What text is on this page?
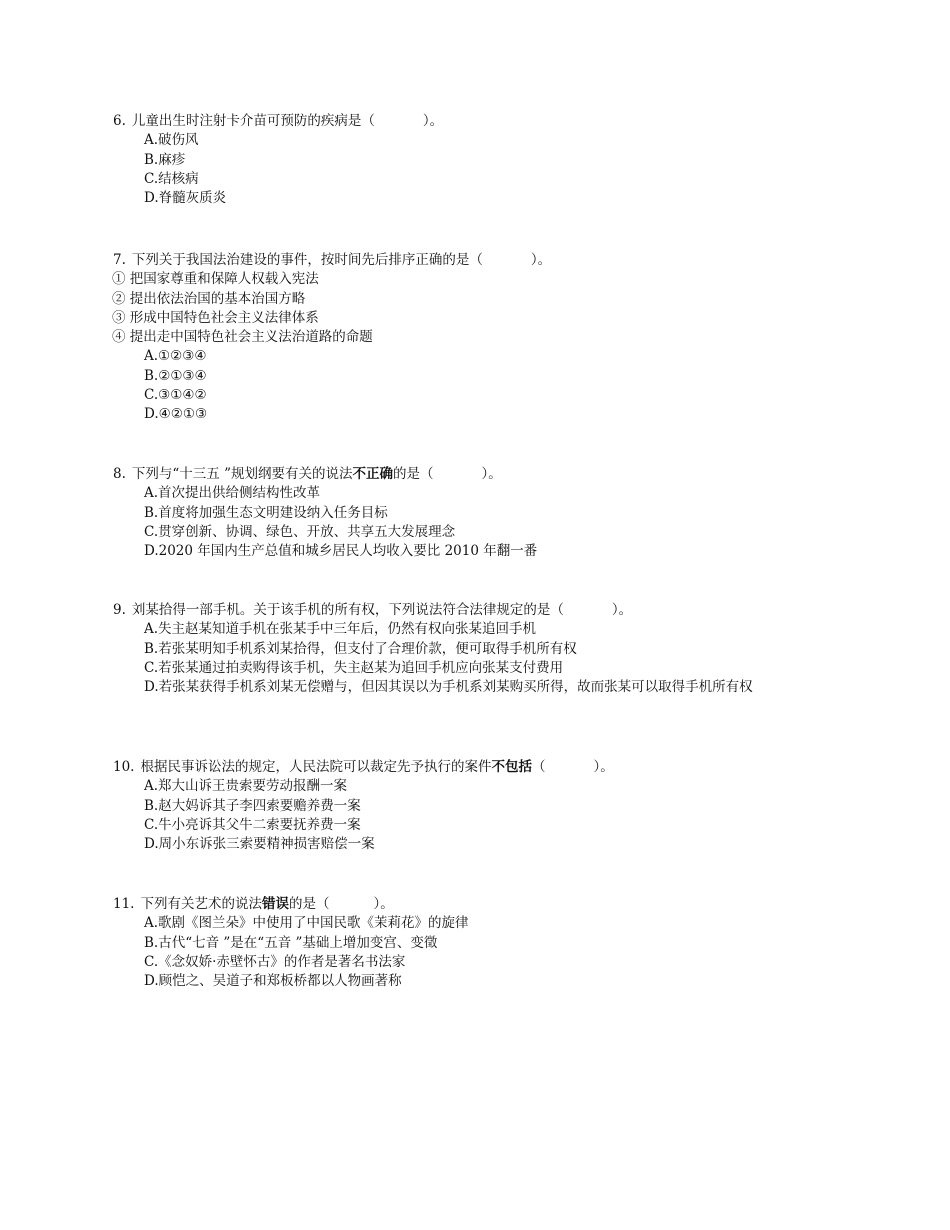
6. 儿童出生时注射卡介苗可预防的疾病是（	）。
A.破伤风
B.麻疹
C.结核病
D.脊髓灰质炎
7. 下列关于我国法治建设的事件，按时间先后排序正确的是（	）。
① 把国家尊重和保障人权载入宪法
② 提出依法治国的基本治国方略
③ 形成中国特色社会主义法律体系
④ 提出走中国特色社会主义法治道路的命题
A.①②③④
B.②①③④
C.③①④②
D.④②①③
8. 下列与“十三五 ”规划纲要有关的说法不正确的是（	）。
A.首次提出供给侧结构性改革
B.首度将加强生态文明建设纳入任务目标
C.贯穿创新、协调、绿色、开放、共享五大发展理念
D.2020 年国内生产总值和城乡居民人均收入要比 2010 年翻一番
9. 刘某拾得一部手机。关于该手机的所有权，下列说法符合法律规定的是（	）。
A.失主赵某知道手机在张某手中三年后，仍然有权向张某追回手机
B.若张某明知手机系刘某拾得，但支付了合理价款，便可取得手机所有权
C.若张某通过拍卖购得该手机，失主赵某为追回手机应向张某支付费用
D.若张某获得手机系刘某无偿赠与，但因其误以为手机系刘某购买所得，故而张某可以取得手机所有权
10. 根据民事诉讼法的规定，人民法院可以裁定先予执行的案件不包括（	）。
A.郑大山诉王贵索要劳动报酬一案
B.赵大妈诉其子李四索要赡养费一案
C.牛小亮诉其父牛二索要抚养费一案
D.周小东诉张三索要精神损害赔偿一案
11. 下列有关艺术的说法错误的是（	）。
A.歌剧《图兰朵》中使用了中国民歌《茉莉花》的旋律
B.古代“七音 ”是在“五音 ”基础上增加变宫、变徵
C.《念奴娇·赤壁怀古》的作者是著名书法家
D.顾恺之、吴道子和郑板桥都以人物画著称
